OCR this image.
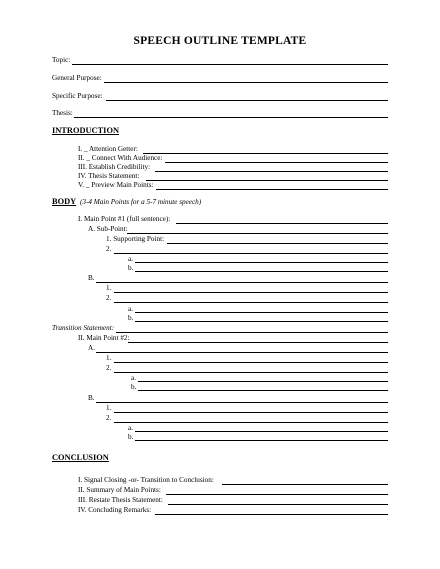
SPEECH OUTLINE TEMPLATE
Topic:
General Purpose:
Specific Purpose:
Thesis:
INTRODUCTION
I. _ Attention Getter:
II. _ Connect With Audience:
III. Establish Credibility:
IV. Thesis Statement:
V. _ Preview Main Points:
BODY (3-4 Main Points for a 5-7 minute speech)
I. Main Point #1 (full sentence):
A. Sub-Point:
1. Supporting Point:
2.
a.
b.
B.
1.
2.
a.
b.
Transition Statement:
II. Main Point #2:
A.
1.
2.
a.
b.
B.
1.
2.
a.
b.
CONCLUSION
I. Signal Closing -or- Transition to Conclusion:
II. Summary of Main Points:
III. Restate Thesis Statement:
IV. Concluding Remarks:
